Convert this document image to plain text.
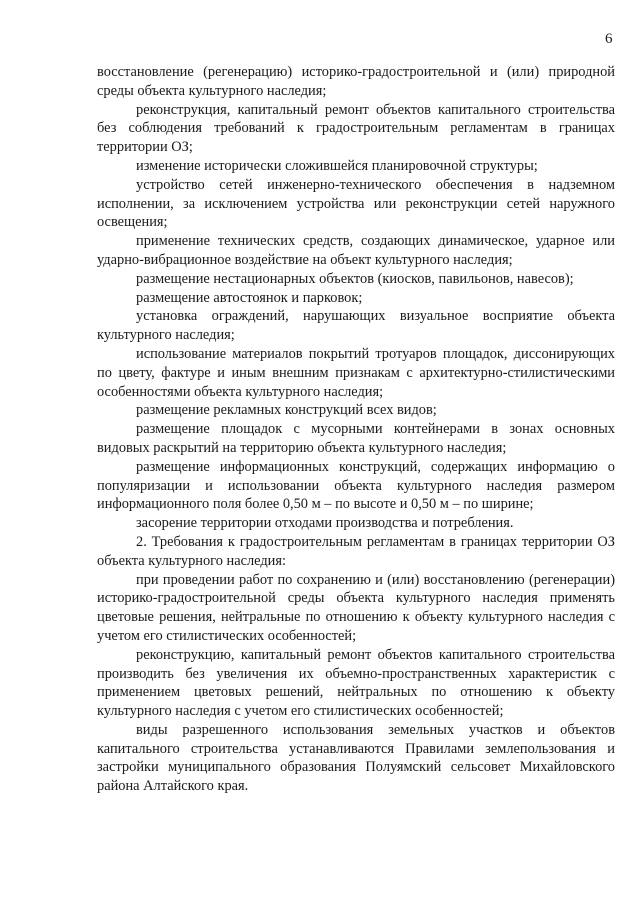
6

восстановление (регенерацию) историко-градостроительной и (или) природной среды объекта культурного наследия;

реконструкция, капитальный ремонт объектов капитального строительства без соблюдения требований к градостроительным регламентам в границах территории ОЗ;

изменение исторически сложившейся планировочной структуры;

устройство сетей инженерно-технического обеспечения в надземном исполнении, за исключением устройства или реконструкции сетей наружного освещения;

применение технических средств, создающих динамическое, ударное или ударно-вибрационное воздействие на объект культурного наследия;

размещение нестационарных объектов (киосков, павильонов, навесов);

размещение автостоянок и парковок;

установка ограждений, нарушающих визуальное восприятие объекта культурного наследия;

использование материалов покрытий тротуаров площадок, диссонирующих по цвету, фактуре и иным внешним признакам с архитектурно-стилистическими особенностями объекта культурного наследия;

размещение рекламных конструкций всех видов;

размещение площадок с мусорными контейнерами в зонах основных видовых раскрытий на территорию объекта культурного наследия;

размещение информационных конструкций, содержащих информацию о популяризации и использовании объекта культурного наследия размером информационного поля более 0,50 м – по высоте и 0,50 м – по ширине;

засорение территории отходами производства и потребления.

2. Требования к градостроительным регламентам в границах территории ОЗ объекта культурного наследия:

при проведении работ по сохранению и (или) восстановлению (регенерации) историко-градостроительной среды объекта культурного наследия применять цветовые решения, нейтральные по отношению к объекту культурного наследия с учетом его стилистических особенностей;

реконструкцию, капитальный ремонт объектов капитального строительства производить без увеличения их объемно-пространственных характеристик с применением цветовых решений, нейтральных по отношению к объекту культурного наследия с учетом его стилистических особенностей;

виды разрешенного использования земельных участков и объектов капитального строительства устанавливаются Правилами землепользования и застройки муниципального образования Полуямский сельсовет Михайловского района Алтайского края.
